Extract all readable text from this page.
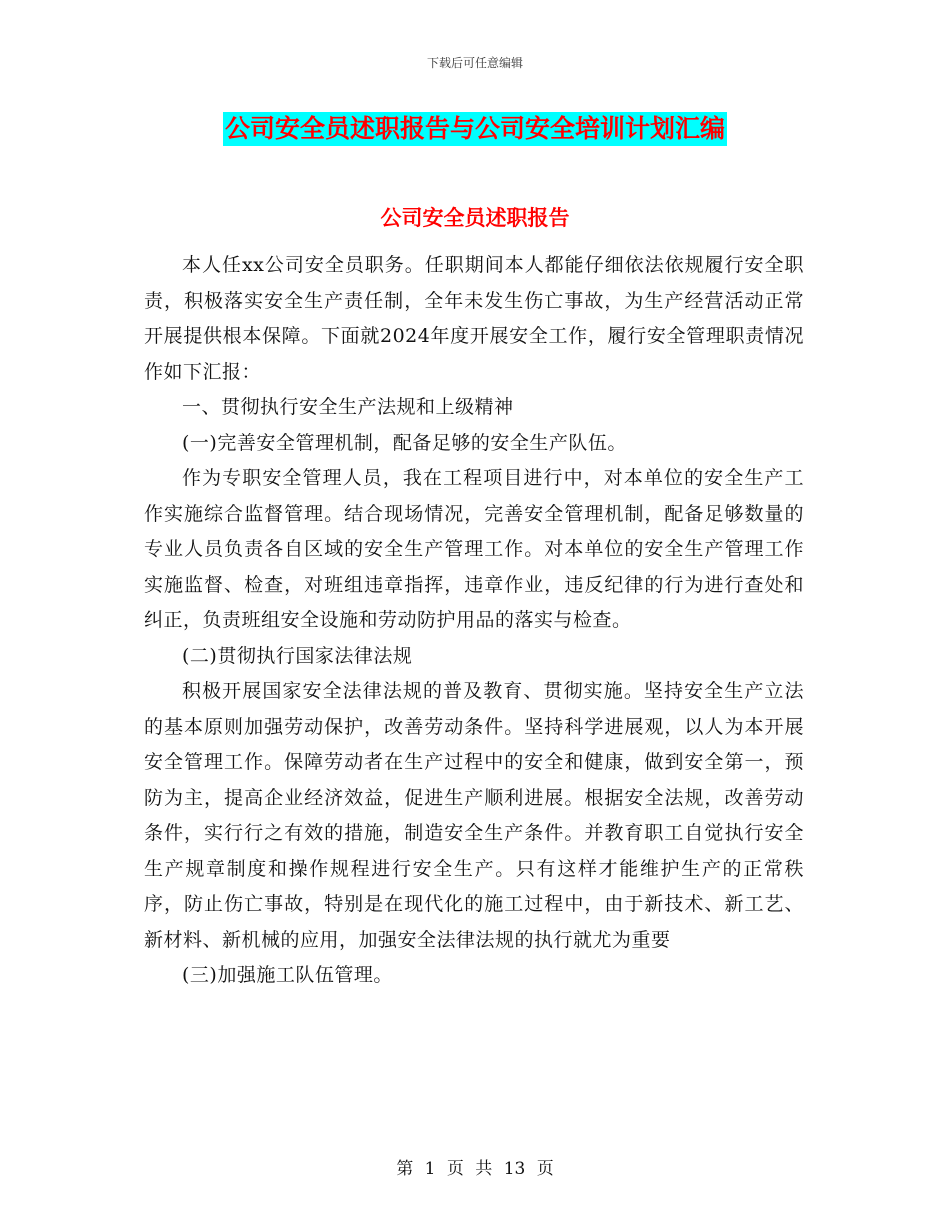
下载后可任意编辑
公司安全员述职报告与公司安全培训计划汇编
公司安全员述职报告

本人任xx公司安全员职务。任职期间本人都能仔细依法依规履行安全职责，积极落实安全生产责任制，全年未发生伤亡事故，为生产经营活动正常开展提供根本保障。下面就2024年度开展安全工作，履行安全管理职责情况作如下汇报：

一、贯彻执行安全生产法规和上级精神

(一)完善安全管理机制，配备足够的安全生产队伍。

作为专职安全管理人员，我在工程项目进行中，对本单位的安全生产工作实施综合监督管理。结合现场情况，完善安全管理机制，配备足够数量的专业人员负责各自区域的安全生产管理工作。对本单位的安全生产管理工作实施监督、检查，对班组违章指挥，违章作业，违反纪律的行为进行查处和纠正，负责班组安全设施和劳动防护用品的落实与检查。

(二)贯彻执行国家法律法规

积极开展国家安全法律法规的普及教育、贯彻实施。坚持安全生产立法的基本原则加强劳动保护，改善劳动条件。坚持科学进展观，以人为本开展安全管理工作。保障劳动者在生产过程中的安全和健康，做到安全第一，预防为主，提高企业经济效益，促进生产顺利进展。根据安全法规，改善劳动条件，实行行之有效的措施，制造安全生产条件。并教育职工自觉执行安全生产规章制度和操作规程进行安全生产。只有这样才能维护生产的正常秩序，防止伤亡事故，特别是在现代化的施工过程中，由于新技术、新工艺、新材料、新机械的应用，加强安全法律法规的执行就尤为重要

(三)加强施工队伍管理。

第 1 页 共 13 页
